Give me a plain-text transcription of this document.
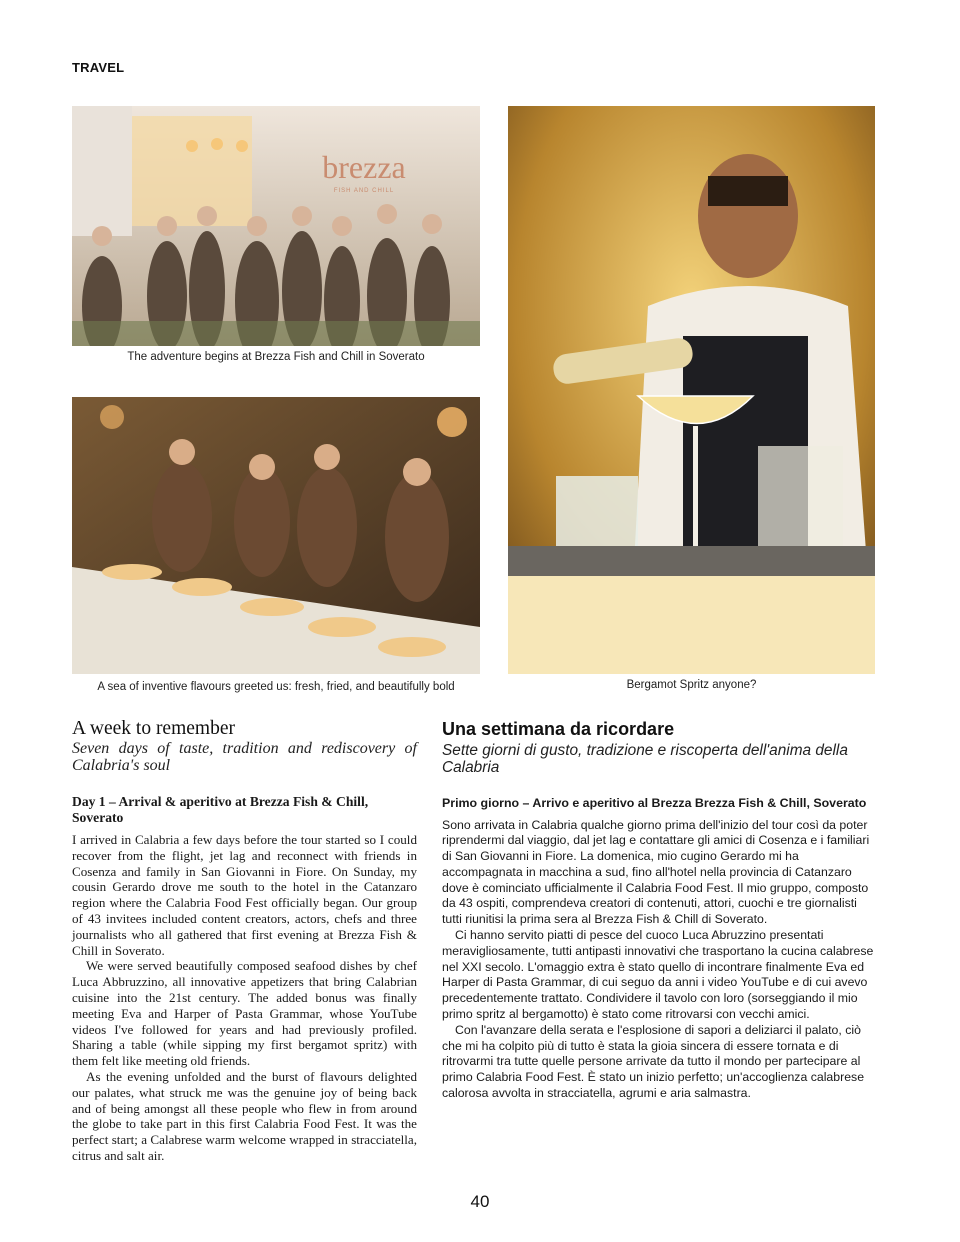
TRAVEL
brezza
FISH AND CHILL
The adventure begins at Brezza Fish and Chill in Soverato
A sea of inventive flavours greeted us: fresh, fried, and beautifully bold	Bergamot Spritz anyone?
A week to remember

Seven days of taste, tradition and rediscovery of Calabria's soul

Day 1 – Arrival & aperitivo at Brezza Fish & Chill, Soverato

I arrived in Calabria a few days before the tour started so I could recover from the flight, jet lag and reconnect with friends in Cosenza and family in San Giovanni in Fiore. On Sunday, my cousin Gerardo drove me south to the hotel in the Catanzaro region where the Calabria Food Fest officially began. Our group of 43 invitees included content creators, actors, chefs and three journalists who all gathered that first evening at Brezza Fish & Chill in Soverato.

We were served beautifully composed seafood dishes by chef Luca Abbruzzino, all innovative appetizers that bring Calabrian cuisine into the 21st century. The added bonus was finally meeting Eva and Harper of Pasta Grammar, whose YouTube videos I've followed for years and had previously profiled. Sharing a table (while sipping my first bergamot spritz) with them felt like meeting old friends.

As the evening unfolded and the burst of flavours delighted our palates, what struck me was the genuine joy of being back and of being amongst all these people who flew in from around the globe to take part in this first Calabria Food Fest. It was the perfect start; a Calabrese warm welcome wrapped in stracciatella, citrus and salt air.

Una settimana da ricordare

Sette giorni di gusto, tradizione e riscoperta dell'anima della Calabria

Primo giorno – Arrivo e aperitivo al Brezza Brezza Fish & Chill, Soverato

Sono arrivata in Calabria qualche giorno prima dell'inizio del tour così da poter riprendermi dal viaggio, dal jet lag e contattare gli amici di Cosenza e i familiari di San Giovanni in Fiore. La domenica, mio cugino Gerardo mi ha accompagnata in macchina a sud, fino all'hotel nella provincia di Catanzaro dove è cominciato ufficialmente il Calabria Food Fest. Il mio gruppo, composto da 43 ospiti, comprendeva creatori di contenuti, attori, cuochi e tre giornalisti tutti riunitisi la prima sera al Brezza Fish & Chill di Soverato.

Ci hanno servito piatti di pesce del cuoco Luca Abruzzino presentati meravigliosamente, tutti antipasti innovativi che trasportano la cucina calabrese nel XXI secolo. L'omaggio extra è stato quello di incontrare finalmente Eva ed Harper di Pasta Grammar, di cui seguo da anni i video YouTube e di cui avevo precedentemente trattato. Condividere il tavolo con loro (sorseggiando il mio primo spritz al bergamotto) è stato come ritrovarsi con vecchi amici.

Con l'avanzare della serata e l'esplosione di sapori a deliziarci il palato, ciò che mi ha colpito più di tutto è stata la gioia sincera di essere tornata e di ritrovarmi tra tutte quelle persone arrivate da tutto il mondo per partecipare al primo Calabria Food Fest. È stato un inizio perfetto; un'accoglienza calabrese calorosa avvolta in stracciatella, agrumi e aria salmastra.

40
